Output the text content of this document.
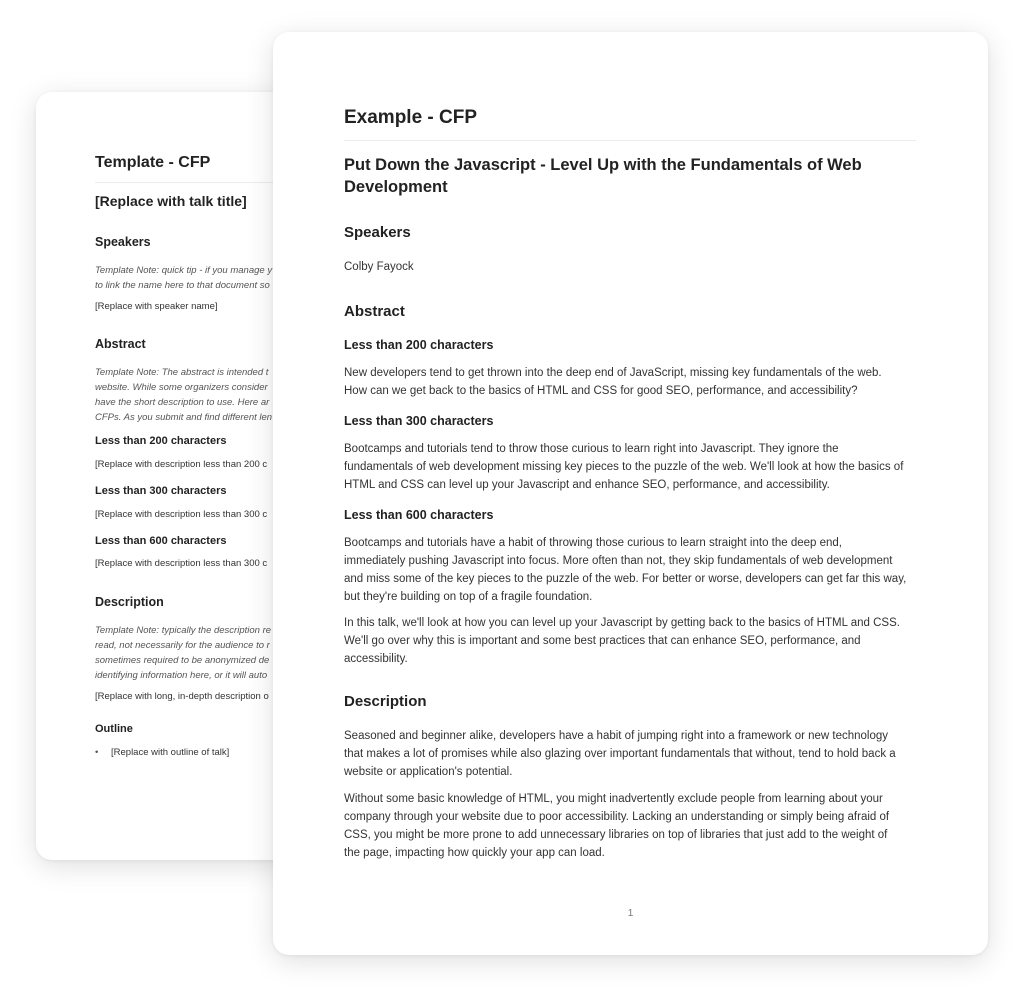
Template - CFP
[Replace with talk title]
Speakers
Template Note: quick tip - if you manage y
to link the name here to that document so
[Replace with speaker name]
Abstract
Template Note: The abstract is intended t
website. While some organizers consider
have the short description to use. Here ar
CFPs. As you submit and find different len
Less than 200 characters
[Replace with description less than 200 c
Less than 300 characters
[Replace with description less than 300 c
Less than 600 characters
[Replace with description less than 300 c
Description
Template Note: typically the description re
read, not necessarily for the audience to r
sometimes required to be anonymized de
identifying information here, or it will auto
[Replace with long, in-depth description o
Outline
• [Replace with outline of talk]
Example - CFP
Put Down the Javascript - Level Up with the Fundamentals of Web
Development
Speakers
Colby Fayock
Abstract
Less than 200 characters
New developers tend to get thrown into the deep end of JavaScript, missing key fundamentals of the web.
How can we get back to the basics of HTML and CSS for good SEO, performance, and accessibility?
Less than 300 characters
Bootcamps and tutorials tend to throw those curious to learn right into Javascript. They ignore the
fundamentals of web development missing key pieces to the puzzle of the web. We'll look at how the basics of
HTML and CSS can level up your Javascript and enhance SEO, performance, and accessibility.
Less than 600 characters
Bootcamps and tutorials have a habit of throwing those curious to learn straight into the deep end,
immediately pushing Javascript into focus. More often than not, they skip fundamentals of web development
and miss some of the key pieces to the puzzle of the web. For better or worse, developers can get far this way,
but they're building on top of a fragile foundation.
In this talk, we'll look at how you can level up your Javascript by getting back to the basics of HTML and CSS.
We'll go over why this is important and some best practices that can enhance SEO, performance, and
accessibility.
Description
Seasoned and beginner alike, developers have a habit of jumping right into a framework or new technology
that makes a lot of promises while also glazing over important fundamentals that without, tend to hold back a
website or application's potential.
Without some basic knowledge of HTML, you might inadvertently exclude people from learning about your
company through your website due to poor accessibility. Lacking an understanding or simply being afraid of
CSS, you might be more prone to add unnecessary libraries on top of libraries that just add to the weight of
the page, impacting how quickly your app can load.
1
